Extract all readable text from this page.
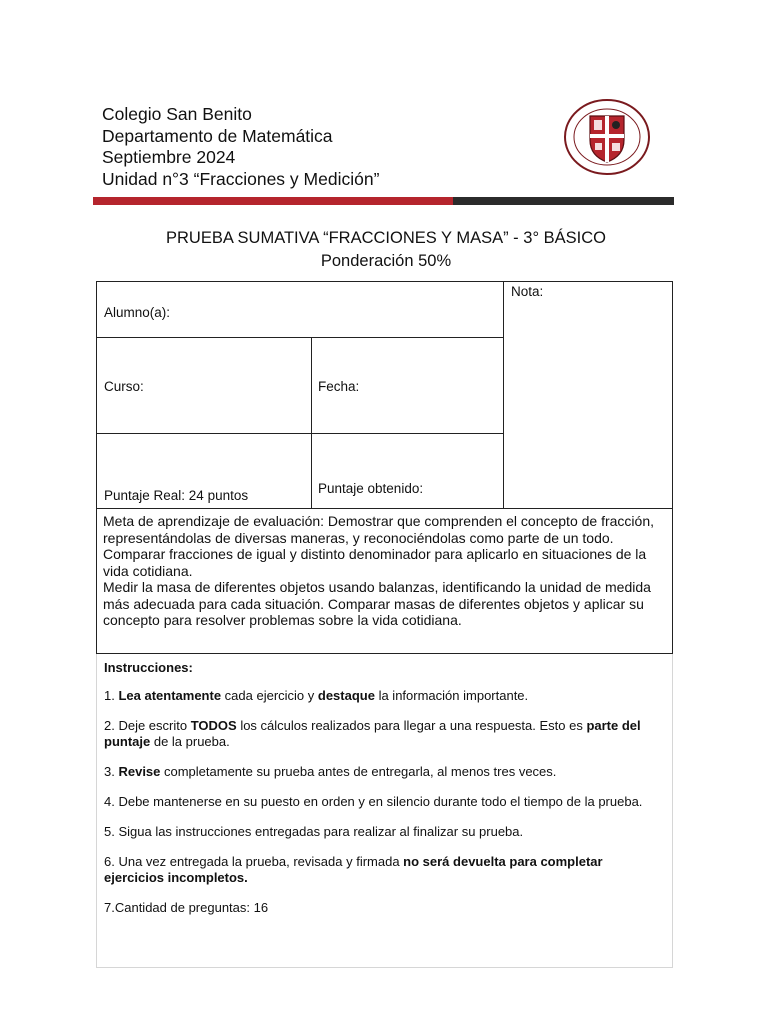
Colegio San Benito
Departamento de Matemática
Septiembre 2024
Unidad n°3 “Fracciones y Medición”
PRUEBA SUMATIVA “FRACCIONES Y MASA” - 3° BÁSICO
Ponderación 50%
Alumno(a):
Nota:
Curso:	Fecha:
Puntaje Real: 24 puntos	Puntaje obtenido:

Meta de aprendizaje de evaluación: Demostrar que comprenden el concepto de fracción, representándolas de diversas maneras, y reconociéndolas como parte de un todo.

Comparar fracciones de igual y distinto denominador para aplicarlo en situaciones de la vida cotidiana.

Medir la masa de diferentes objetos usando balanzas, identificando la unidad de medida más adecuada para cada situación. Comparar masas de diferentes objetos y aplicar su concepto para resolver problemas sobre la vida cotidiana.

Instrucciones:

1. Lea atentamente cada ejercicio y destaque la información importante.

2. Deje escrito TODOS los cálculos realizados para llegar a una respuesta. Esto es parte del puntaje de la prueba.

3. Revise completamente su prueba antes de entregarla, al menos tres veces.

4. Debe mantenerse en su puesto en orden y en silencio durante todo el tiempo de la prueba.

5. Sigua las instrucciones entregadas para realizar al finalizar su prueba.

6. Una vez entregada la prueba, revisada y firmada no será devuelta para completar ejercicios incompletos.

7.Cantidad de preguntas: 16
